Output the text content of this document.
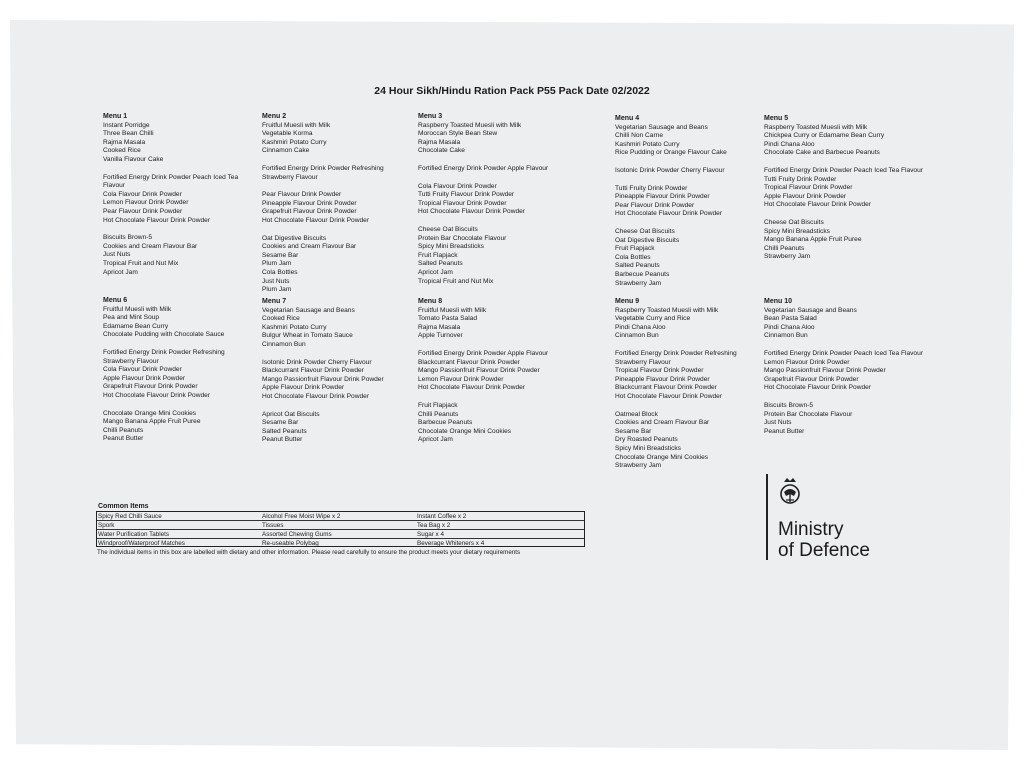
24 Hour Sikh/Hindu Ration Pack P55 Pack Date 02/2022
Menu 1
Instant Porridge
Three Bean Chilli
Rajma Masala
Cooked Rice
Vanilla Flavour Cake
Fortified Energy Drink Powder Peach Iced Tea
Flavour
Cola Flavour Drink Powder
Lemon Flavour Drink Powder
Pear Flavour Drink Powder
Hot Chocolate Flavour Drink Powder
Biscuits Brown-5
Cookies and Cream Flavour Bar
Just Nuts
Tropical Fruit and Nut Mix
Apricot Jam
Menu 2
Fruitful Muesli with Milk
Vegetable Korma
Kashmiri Potato Curry
Cinnamon Cake
Fortified Energy Drink Powder Refreshing
Strawberry Flavour
Pear Flavour Drink Powder
Pineapple Flavour Drink Powder
Grapefruit Flavour Drink Powder
Hot Chocolate Flavour Drink Powder
Oat Digestive Biscuits
Cookies and Cream Flavour Bar
Sesame Bar
Plum Jam
Cola Bottles
Just Nuts
Plum Jam
Menu 3
Raspberry Toasted Muesli with Milk
Moroccan Style Bean Stew
Rajma Masala
Chocolate Cake
Fortified Energy Drink Powder Apple Flavour
Cola Flavour Drink Powder
Tutti Fruity Flavour Drink Powder
Tropical Flavour Drink Powder
Hot Chocolate Flavour Drink Powder
Cheese Oat Biscuits
Protein Bar Chocolate Flavour
Spicy Mini Breadsticks
Fruit Flapjack
Salted Peanuts
Apricot Jam
Tropical Fruit and Nut Mix
Menu 4
Vegetarian Sausage and Beans
Chilli Non Carne
Kashmiri Potato Curry
Rice Pudding or Orange Flavour Cake
Isotonic Drink Powder Cherry Flavour
Tutti Fruity Drink Powder
Pineapple Flavour Drink Powder
Pear Flavour Drink Powder
Hot Chocolate Flavour Drink Powder
Cheese Oat Biscuits
Oat Digestive Biscuits
Fruit Flapjack
Cola Bottles
Salted Peanuts
Barbecue Peanuts
Strawberry Jam
Menu 5
Raspberry Toasted Muesli with Milk
Chickpea Curry or Edamame Bean Curry
Pindi Chana Aloo
Chocolate Cake and Barbecue Peanuts
Fortified Energy Drink Powder Peach Iced Tea Flavour
Tutti Fruity Drink Powder
Tropical Flavour Drink Powder
Apple Flavour Drink Powder
Hot Chocolate Flavour Drink Powder
Cheese Oat Biscuits
Spicy Mini Breadsticks
Mango Banana Apple Fruit Puree
Chilli Peanuts
Strawberry Jam
Menu 6
Fruitful Muesli with Milk
Pea and Mint Soup
Edamame Bean Curry
Chocolate Pudding with Chocolate Sauce
Fortified Energy Drink Powder Refreshing
Strawberry Flavour
Cola Flavour Drink Powder
Apple Flavour Drink Powder
Grapefruit Flavour Drink Powder
Hot Chocolate Flavour Drink Powder
Chocolate Orange Mini Cookies
Mango Banana Apple Fruit Puree
Chilli Peanuts
Peanut Butter
Menu 7
Vegetarian Sausage and Beans
Cooked Rice
Kashmiri Potato Curry
Bulgur Wheat in Tomato Sauce
Cinnamon Bun
Isotonic Drink Powder Cherry Flavour
Blackcurrant Flavour Drink Powder
Mango Passionfruit Flavour Drink Powder
Apple Flavour Drink Powder
Hot Chocolate Flavour Drink Powder
Apricot Oat Biscuits
Sesame Bar
Salted Peanuts
Peanut Butter
Menu 8
Fruitful Muesli with Milk
Tomato Pasta Salad
Rajma Masala
Apple Turnover
Fortified Energy Drink Powder Apple Flavour
Blackcurrant Flavour Drink Powder
Mango Passionfruit Flavour Drink Powder
Lemon Flavour Drink Powder
Hot Chocolate Flavour Drink Powder
Fruit Flapjack
Chilli Peanuts
Barbecue Peanuts
Chocolate Orange Mini Cookies
Apricot Jam
Menu 9
Raspberry Toasted Muesli with Milk
Vegetable Curry and Rice
Pindi Chana Aloo
Cinnamon Bun
Fortified Energy Drink Powder Refreshing
Strawberry Flavour
Tropical Flavour Drink Powder
Pineapple Flavour Drink Powder
Blackcurrant Flavour Drink Powder
Hot Chocolate Flavour Drink Powder
Oatmeal Block
Cookies and Cream Flavour Bar
Sesame Bar
Dry Roasted Peanuts
Spicy Mini Breadsticks
Chocolate Orange Mini Cookies
Strawberry Jam
Menu 10
Vegetarian Sausage and Beans
Bean Pasta Salad
Pindi Chana Aloo
Cinnamon Bun
Fortified Energy Drink Powder Peach Iced Tea Flavour
Lemon Flavour Drink Powder
Mango Passionfruit Flavour Drink Powder
Grapefruit Flavour Drink Powder
Hot Chocolate Flavour Drink Powder
Biscuits Brown-5
Protein Bar Chocolate Flavour
Just Nuts
Peanut Butter
Common Items
Spicy Red Chilli Sauce	Alcohol Free Moist Wipe x 2	Instant Coffee x 2
Spork	Tissues	Tea Bag x 2
Water Purification Tablets	Assorted Chewing Gums	Sugar x 4
Windproof/Waterproof Matches	Re-useable Polybag	Beverage Whiteners x 4
The individual items in this box are labelled with dietary and other information. Please read carefully to ensure the product meets your dietary requirements
Ministry
of Defence
